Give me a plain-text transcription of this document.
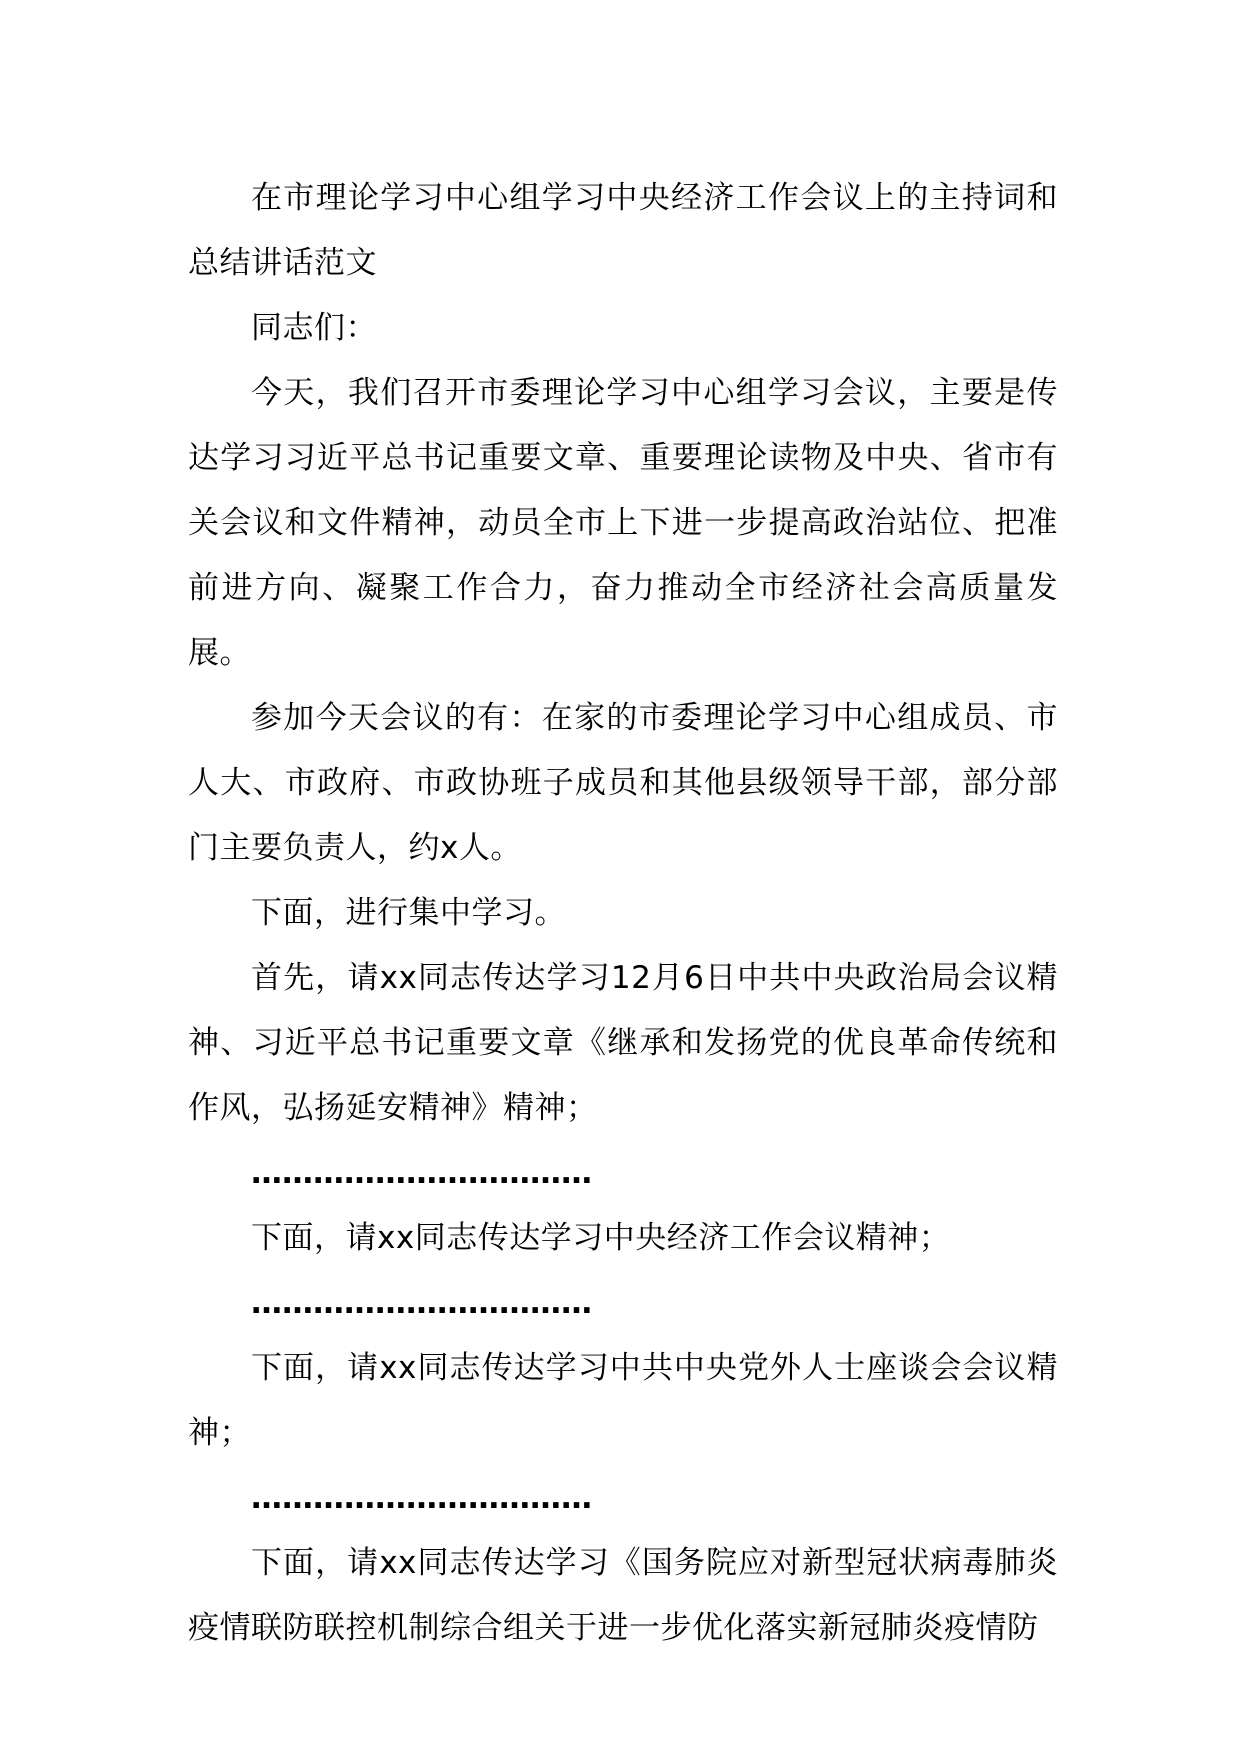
在市理论学习中心组学习中央经济工作会议上的主持词和总结讲话范文

同志们：

今天，我们召开市委理论学习中心组学习会议，主要是传达学习习近平总书记重要文章、重要理论读物及中央、省市有关会议和文件精神，动员全市上下进一步提高政治站位、把准前进方向、凝聚工作合力，奋力推动全市经济社会高质量发展。

参加今天会议的有：在家的市委理论学习中心组成员、市人大、市政府、市政协班子成员和其他县级领导干部，部分部门主要负责人，约x人。

下面，进行集中学习。

首先，请xx同志传达学习12月6日中共中央政治局会议精神、习近平总书记重要文章《继承和发扬党的优良革命传统和作风，弘扬延安精神》精神；

……………………………

下面，请xx同志传达学习中央经济工作会议精神；

……………………………

下面，请xx同志传达学习中共中央党外人士座谈会会议精神；

……………………………

下面，请xx同志传达学习《国务院应对新型冠状病毒肺炎疫情联防联控机制综合组关于进一步优化落实新冠肺炎疫情防
